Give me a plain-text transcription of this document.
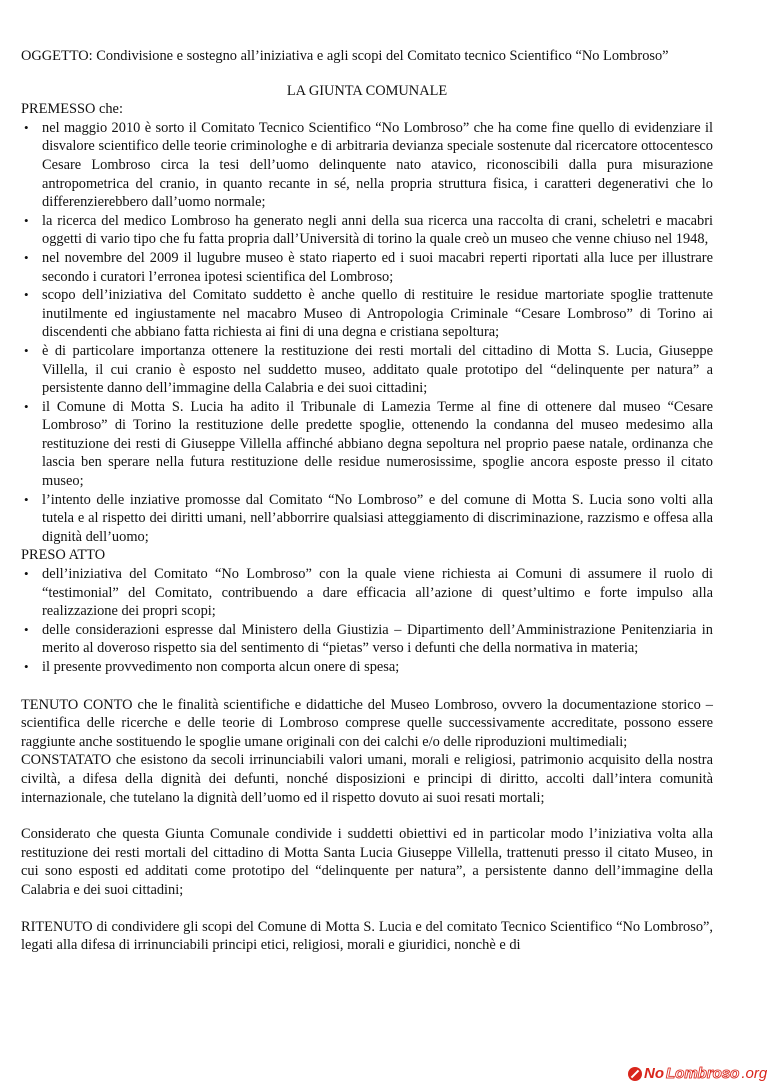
OGGETTO: Condivisione e sostegno all’iniziativa e agli scopi del Comitato tecnico Scientifico “No Lombroso”

LA GIUNTA COMUNALE

PREMESSO che:

• nel maggio 2010 è sorto il Comitato Tecnico Scientifico “No Lombroso” che ha come fine quello di evidenziare il disvalore scientifico delle teorie criminologhe e di arbitraria devianza speciale sostenute dal ricercatore ottocentesco Cesare Lombroso circa la tesi dell’uomo delinquente nato atavico, riconoscibili dalla pura misurazione antropometrica del cranio, in quanto recante in sé, nella propria struttura fisica, i caratteri degenerativi che lo differenzierebbero dall’uomo normale;
• la ricerca del medico Lombroso ha generato negli anni della sua ricerca una raccolta di crani, scheletri e macabri oggetti di vario tipo che fu fatta propria dall’Università di torino la quale creò un museo che venne chiuso nel 1948,
• nel novembre del 2009 il lugubre museo è stato riaperto ed i suoi macabri reperti riportati alla luce per illustrare secondo i curatori l’erronea ipotesi scientifica del Lombroso;
• scopo dell’iniziativa del Comitato suddetto è anche quello di restituire le residue martoriate spoglie trattenute inutilmente ed ingiustamente nel macabro Museo di Antropologia Criminale “Cesare Lombroso” di Torino ai discendenti che abbiano fatta richiesta ai fini di una degna e cristiana sepoltura;
• è di particolare importanza ottenere la restituzione dei resti mortali del cittadino di Motta S. Lucia, Giuseppe Villella, il cui cranio è esposto nel suddetto museo, additato quale prototipo del “delinquente per natura” a persistente danno dell’immagine della Calabria e dei suoi cittadini;
• il Comune di Motta S. Lucia ha adito il Tribunale di Lamezia Terme al fine di ottenere dal museo “Cesare Lombroso” di Torino la restituzione delle predette spoglie, ottenendo la condanna del museo medesimo alla restituzione dei resti di Giuseppe Villella affinché abbiano degna sepoltura nel proprio paese natale, ordinanza che lascia ben sperare nella futura restituzione delle residue numerosissime, spoglie ancora esposte presso il citato museo;
• l’intento delle inziative promosse dal Comitato “No Lombroso” e del comune di Motta S. Lucia sono volti alla tutela e al rispetto dei diritti umani, nell’abborrire qualsiasi atteggiamento di discriminazione, razzismo e offesa alla dignità dell’uomo;

PRESO ATTO

• dell’iniziativa del Comitato “No Lombroso” con la quale viene richiesta ai Comuni di assumere il ruolo di “testimonial” del Comitato, contribuendo a dare efficacia all’azione di quest’ultimo e forte impulso alla realizzazione dei propri scopi;
• delle considerazioni espresse dal Ministero della Giustizia – Dipartimento dell’Amministrazione Penitenziaria in merito al doveroso rispetto sia del sentimento di “pietas” verso i defunti che della normativa in materia;
• il presente provvedimento non comporta alcun onere di spesa;

TENUTO CONTO che le finalità scientifiche e didattiche del Museo Lombroso, ovvero la documentazione storico – scientifica delle ricerche e delle teorie di Lombroso comprese quelle successivamente accreditate, possono essere raggiunte anche sostituendo le spoglie umane originali con dei calchi e/o delle riproduzioni multimediali;

CONSTATATO che esistono da secoli irrinunciabili valori umani, morali e religiosi, patrimonio acquisito della nostra civiltà, a difesa della dignità dei defunti, nonché disposizioni e principi di diritto, accolti dall’intera comunità internazionale, che tutelano la dignità dell’uomo ed il rispetto dovuto ai suoi resati mortali;

Considerato che questa Giunta Comunale condivide i suddetti obiettivi ed in particolar modo l’iniziativa volta alla restituzione dei resti mortali del cittadino di Motta Santa Lucia Giuseppe Villella, trattenuti presso il citato Museo, in cui sono esposti ed additati come prototipo del “delinquente per natura”, a persistente danno dell’immagine della Calabria e dei suoi cittadini;

RITENUTO di condividere gli scopi del Comune di Motta S. Lucia e del comitato Tecnico Scientifico “No Lombroso”, legati alla difesa di irrinunciabili principi etici, religiosi, morali e giuridici, nonchè e di

No Lombroso .org
